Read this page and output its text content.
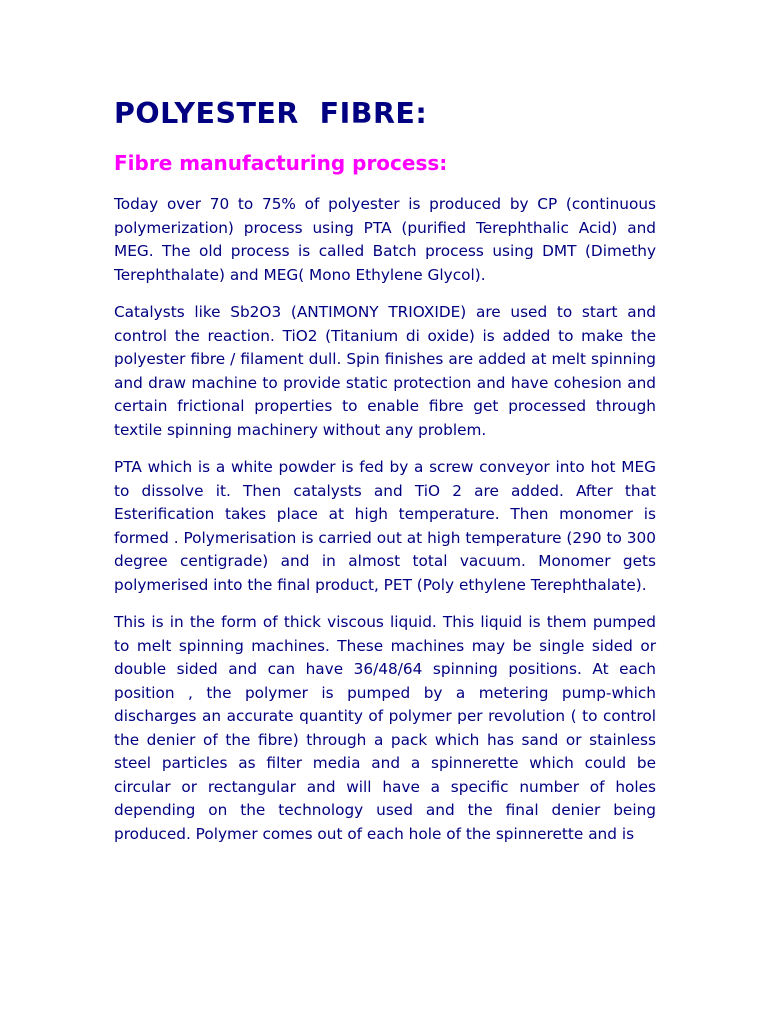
POLYESTER  FIBRE:
Fibre manufacturing process:

Today over 70 to 75% of polyester is produced by CP (continuous polymerization) process using PTA (purified Terephthalic Acid) and MEG. The old process is called Batch process using DMT (Dimethy Terephthalate) and MEG( Mono Ethylene Glycol).

Catalysts like Sb2O3 (ANTIMONY TRIOXIDE) are used to start and control the reaction. TiO2 (Titanium di oxide) is added to make the polyester fibre / filament dull. Spin finishes are added at melt spinning and draw machine to provide static protection and have cohesion and certain frictional properties to enable fibre get processed through textile spinning machinery without any problem.

PTA which is a white powder is fed by a screw conveyor into hot MEG to dissolve it. Then catalysts and TiO 2 are added. After that Esterification takes place at high temperature. Then monomer is formed . Polymerisation is carried out at high temperature (290 to 300 degree centigrade) and in almost total vacuum. Monomer gets polymerised into the final product, PET (Poly ethylene Terephthalate).

This is in the form of thick viscous liquid. This liquid is them pumped to melt spinning machines. These machines may be single sided or double sided and can have 36/48/64 spinning positions. At each position , the polymer is pumped by a metering pump-which discharges an accurate quantity of polymer per revolution ( to control the denier of the fibre) through a pack which has sand or stainless steel particles as filter media and a spinnerette which could be circular or rectangular and will have a specific number of holes depending on the technology used and the final denier being produced. Polymer comes out of each hole of the spinnerette and is
